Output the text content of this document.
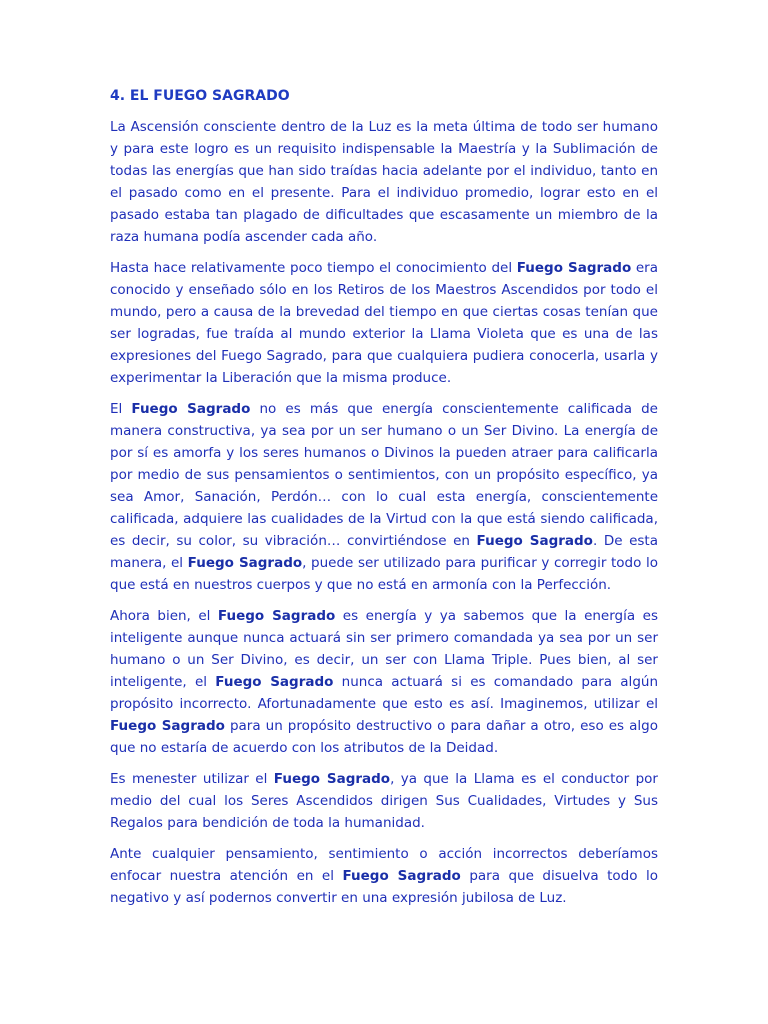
4. EL FUEGO SAGRADO

La Ascensión consciente dentro de la Luz es la meta última de todo ser humano y para este logro es un requisito indispensable la Maestría y la Sublimación de todas las energías que han sido traídas hacia adelante por el individuo, tanto en el pasado como en el presente. Para el individuo promedio, lograr esto en el pasado estaba tan plagado de dificultades que escasamente un miembro de la raza humana podía ascender cada año.

Hasta hace relativamente poco tiempo el conocimiento del Fuego Sagrado era conocido y enseñado sólo en los Retiros de los Maestros Ascendidos por todo el mundo, pero a causa de la brevedad del tiempo en que ciertas cosas tenían que ser logradas, fue traída al mundo exterior la Llama Violeta que es una de las expresiones del Fuego Sagrado, para que cualquiera pudiera conocerla, usarla y experimentar la Liberación que la misma produce.

El Fuego Sagrado no es más que energía conscientemente calificada de manera constructiva, ya sea por un ser humano o un Ser Divino. La energía de por sí es amorfa y los seres humanos o Divinos la pueden atraer para calificarla por medio de sus pensamientos o sentimientos, con un propósito específico, ya sea Amor, Sanación, Perdón… con lo cual esta energía, conscientemente calificada, adquiere las cualidades de la Virtud con la que está siendo calificada, es decir, su color, su vibración… convirtiéndose en Fuego Sagrado. De esta manera, el Fuego Sagrado, puede ser utilizado para purificar y corregir todo lo que está en nuestros cuerpos y que no está en armonía con la Perfección.

Ahora bien, el Fuego Sagrado es energía y ya sabemos que la energía es inteligente aunque nunca actuará sin ser primero comandada ya sea por un ser humano o un Ser Divino, es decir, un ser con Llama Triple. Pues bien, al ser inteligente, el Fuego Sagrado nunca actuará si es comandado para algún propósito incorrecto. Afortunadamente que esto es así. Imaginemos, utilizar el Fuego Sagrado para un propósito destructivo o para dañar a otro, eso es algo que no estaría de acuerdo con los atributos de la Deidad.

Es menester utilizar el Fuego Sagrado, ya que la Llama es el conductor por medio del cual los Seres Ascendidos dirigen Sus Cualidades, Virtudes y Sus Regalos para bendición de toda la humanidad.

Ante cualquier pensamiento, sentimiento o acción incorrectos deberíamos enfocar nuestra atención en el Fuego Sagrado para que disuelva todo lo negativo y así podernos convertir en una expresión jubilosa de Luz.
